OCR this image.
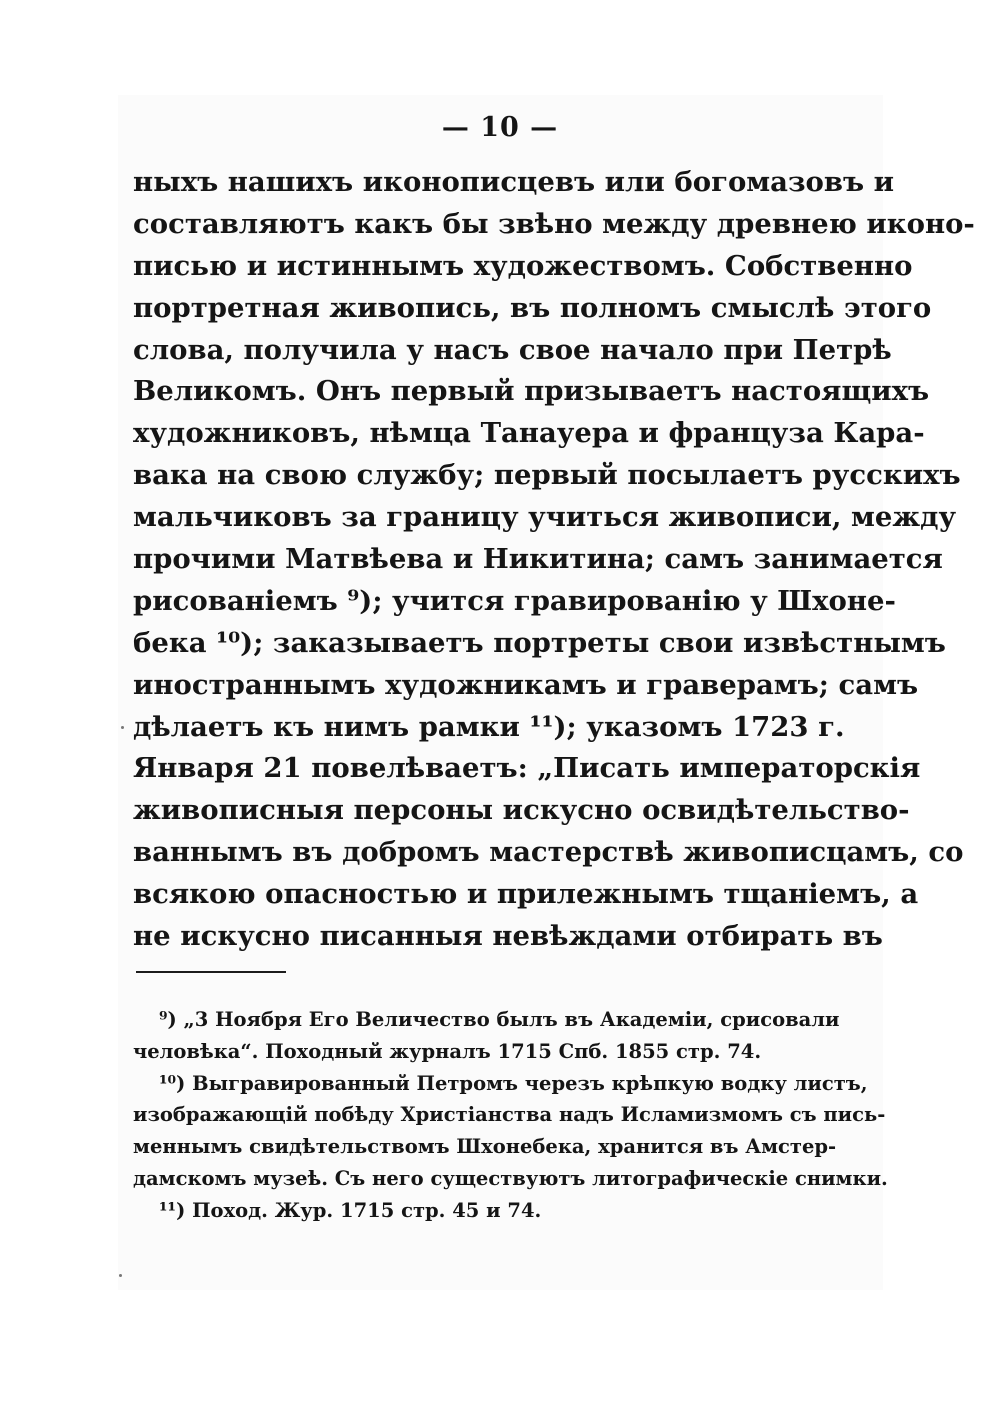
— 10 —
ныхъ нашихъ иконописцевъ или богомазовъ и
составляютъ какъ бы звѣно между древнею иконо-
писью и истиннымъ художествомъ. Собственно
портретная живопись, въ полномъ смыслѣ этого
слова, получила у насъ свое начало при Петрѣ
Великомъ. Онъ первый призываетъ настоящихъ
художниковъ, нѣмца Танауера и француза Кара-
вака на свою службу; первый посылаетъ русскихъ
мальчиковъ за границу учиться живописи, между
прочими Матвѣева и Никитина; самъ занимается
рисованіемъ ⁹); учится гравированію у Шхоне-
бека ¹⁰); заказываетъ портреты свои извѣстнымъ
иностраннымъ художникамъ и граверамъ; самъ
дѣлаетъ къ нимъ рамки ¹¹); указомъ 1723 г.
Января 21 повелѣваетъ: „Писать императорскія
живописныя персоны искусно освидѣтельство-
ваннымъ въ добромъ мастерствѣ живописцамъ, со
всякою опасностью и прилежнымъ тщаніемъ, а
не искусно писанныя невѣждами отбирать въ
⁹) „3 Ноября Его Величество былъ въ Академіи, срисовали
человѣка“. Походный журналъ 1715 Спб. 1855 стр. 74.
¹⁰) Выгравированный Петромъ черезъ крѣпкую водку листъ,
изображающій побѣду Христіанства надъ Исламизмомъ съ пись-
меннымъ свидѣтельствомъ Шхонебека, хранится въ Амстер-
дамскомъ музеѣ. Съ него существуютъ литографическіе снимки.
¹¹) Поход. Жур. 1715 стр. 45 и 74.
